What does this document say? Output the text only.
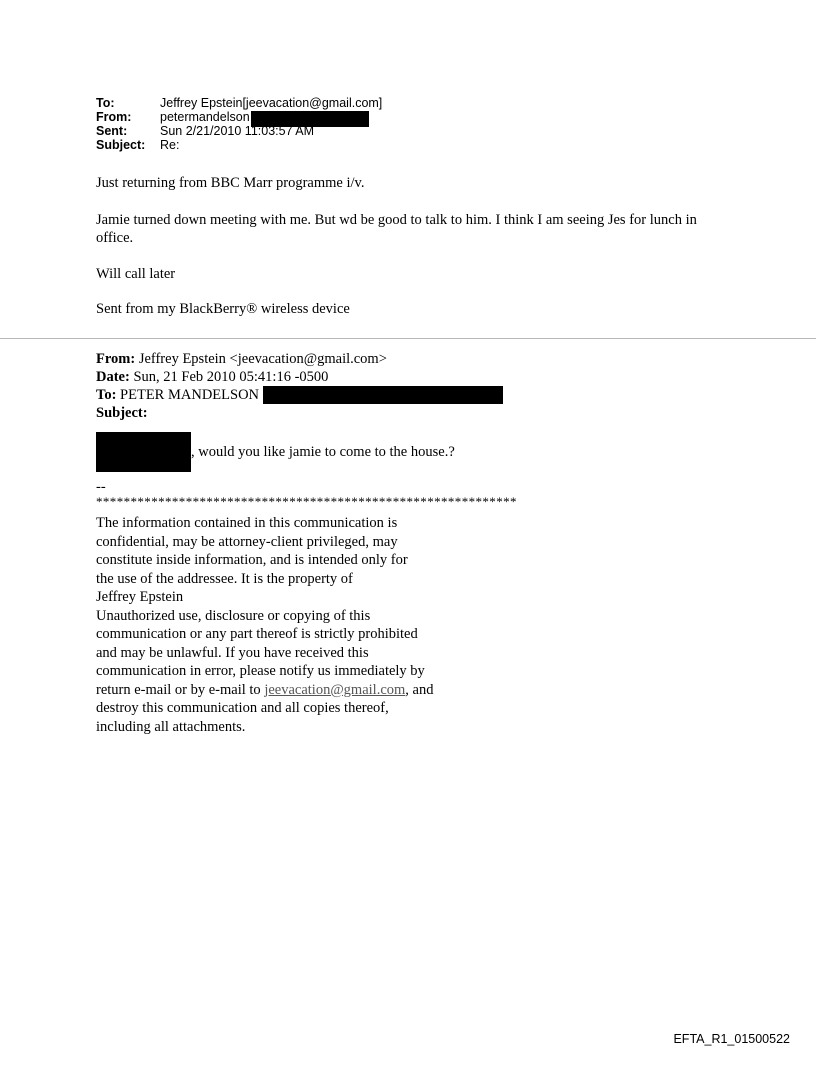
To:	Jeffrey Epstein[jeevacation@gmail.com]
From:	petermandelson
Sent:	Sun 2/21/2010 11:03:57 AM
Subject:	Re:
Just returning from BBC Marr programme i/v.
Jamie turned down meeting with me. But wd be good to talk to him. I think I am seeing Jes for lunch in office.
Will call later
Sent from my BlackBerry® wireless device
From: Jeffrey Epstein <jeevacation@gmail.com>
Date: Sun, 21 Feb 2010 05:41:16 -0500
To: PETER MANDELSON
Subject:
, would you like jamie to come to the house.?
--
*************************************************************
The information contained in this communication is
confidential, may be attorney-client privileged, may
constitute inside information, and is intended only for
the use of the addressee. It is the property of
Jeffrey Epstein
Unauthorized use, disclosure or copying of this
communication or any part thereof is strictly prohibited
and may be unlawful. If you have received this
communication in error, please notify us immediately by
return e-mail or by e-mail to jeevacation@gmail.com, and
destroy this communication and all copies thereof,
including all attachments.
EFTA_R1_01500522
